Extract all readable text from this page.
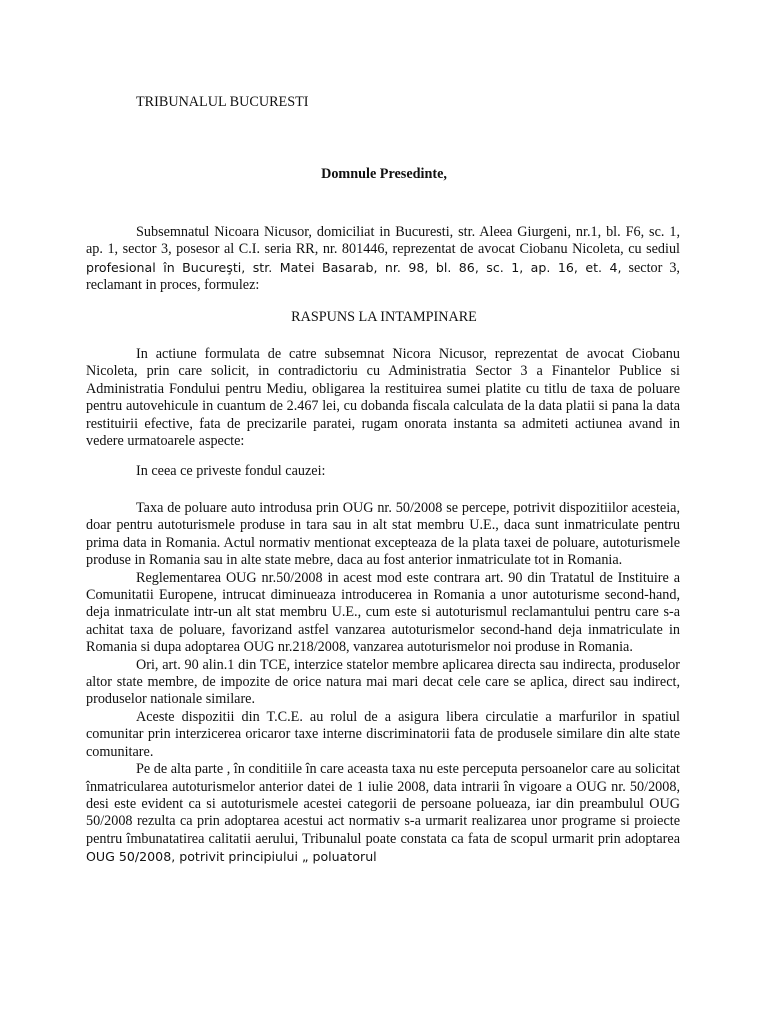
TRIBUNALUL BUCURESTI
Domnule Presedinte,

Subsemnatul Nicoara Nicusor, domiciliat in Bucuresti, str. Aleea Giurgeni, nr.1, bl. F6, sc. 1, ap. 1, sector 3, posesor al C.I. seria RR, nr. 801446, reprezentat de avocat Ciobanu Nicoleta, cu sediul profesional în Bucureşti, str. Matei Basarab, nr. 98, bl. 86, sc. 1, ap. 16, et. 4, sector 3, reclamant in proces, formulez:

RASPUNS LA INTAMPINARE

In actiune formulata de catre subsemnat Nicora Nicusor, reprezentat de avocat Ciobanu Nicoleta, prin care solicit, in contradictoriu cu Administratia Sector 3 a Finantelor Publice si Administratia Fondului pentru Mediu, obligarea la restituirea sumei platite cu titlu de taxa de poluare pentru autovehicule in cuantum de 2.467 lei, cu dobanda fiscala calculata de la data platii si pana la data restituirii efective, fata de precizarile paratei, rugam onorata instanta sa admiteti actiunea avand in vedere urmatoarele aspecte:

In ceea ce priveste fondul cauzei:

Taxa de poluare auto introdusa prin OUG nr. 50/2008 se percepe, potrivit dispozitiilor acesteia, doar pentru autoturismele produse in tara sau in alt stat membru U.E., daca sunt inmatriculate pentru prima data in Romania. Actul normativ mentionat excepteaza de la plata taxei de poluare, autoturismele produse in Romania sau in alte state mebre, daca au fost anterior inmatriculate tot in Romania.

Reglementarea OUG nr.50/2008 in acest mod este contrara art. 90 din Tratatul de Instituire a Comunitatii Europene, intrucat diminueaza introducerea in Romania a unor autoturisme second-hand, deja inmatriculate intr-un alt stat membru U.E., cum este si autoturismul reclamantului pentru care s-a achitat taxa de poluare, favorizand astfel vanzarea autoturismelor second-hand deja inmatriculate in Romania si dupa adoptarea OUG nr.218/2008, vanzarea autoturismelor noi produse in Romania.

Ori, art. 90 alin.1 din TCE, interzice statelor membre aplicarea directa sau indirecta, produselor altor state membre, de impozite de orice natura mai mari decat cele care se aplica, direct sau indirect, produselor nationale similare.

Aceste dispozitii din T.C.E. au rolul de a asigura libera circulatie a marfurilor in spatiul comunitar prin interzicerea oricaror taxe interne discriminatorii fata de produsele similare din alte state comunitare.

Pe de alta parte , în conditiile în care aceasta taxa nu este perceputa persoanelor care au solicitat înmatricularea autoturismelor anterior datei de 1 iulie 2008, data intrarii în vigoare a OUG nr. 50/2008, desi este evident ca si autoturismele acestei categorii de persoane polueaza, iar din preambulul OUG 50/2008 rezulta ca prin adoptarea acestui act normativ s-a urmarit realizarea unor programe si proiecte pentru îmbunatatirea calitatii aerului, Tribunalul poate constata ca fata de scopul urmarit prin adoptarea OUG 50/2008, potrivit principiului „ poluatorul
